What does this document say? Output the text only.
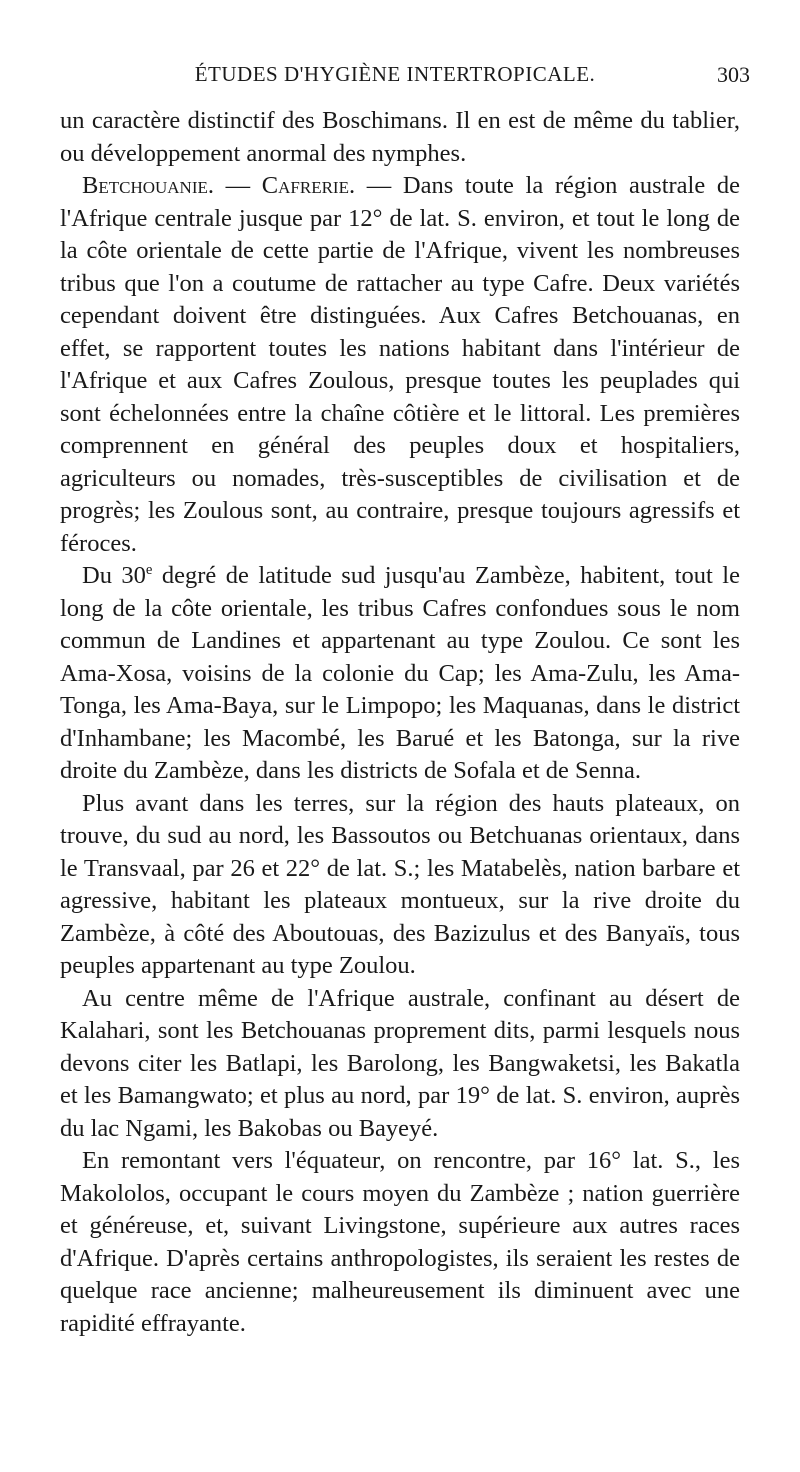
ÉTUDES D'HYGIÈNE INTERTROPICALE.	303

un caractère distinctif des Boschimans. Il en est de même du tablier, ou développement anormal des nymphes.

Betchouanie. — Cafrerie. — Dans toute la région australe de l'Afrique centrale jusque par 12° de lat. S. environ, et tout le long de la côte orientale de cette partie de l'Afrique, vivent les nombreuses tribus que l'on a coutume de rattacher au type Cafre. Deux variétés cependant doivent être distinguées. Aux Cafres Betchouanas, en effet, se rapportent toutes les nations habitant dans l'intérieur de l'Afrique et aux Cafres Zoulous, presque toutes les peuplades qui sont échelonnées entre la chaîne côtière et le littoral. Les premières comprennent en général des peuples doux et hospitaliers, agriculteurs ou nomades, très-susceptibles de civilisation et de progrès; les Zoulous sont, au contraire, presque toujours agressifs et féroces.

Du 30e degré de latitude sud jusqu'au Zambèze, habitent, tout le long de la côte orientale, les tribus Cafres confondues sous le nom commun de Landines et appartenant au type Zoulou. Ce sont les Ama-Xosa, voisins de la colonie du Cap; les Ama-Zulu, les Ama-Tonga, les Ama-Baya, sur le Limpopo; les Maquanas, dans le district d'Inhambane; les Macombé, les Barué et les Batonga, sur la rive droite du Zambèze, dans les districts de Sofala et de Senna.

Plus avant dans les terres, sur la région des hauts plateaux, on trouve, du sud au nord, les Bassoutos ou Betchuanas orientaux, dans le Transvaal, par 26 et 22° de lat. S.; les Matabelès, nation barbare et agressive, habitant les plateaux montueux, sur la rive droite du Zambèze, à côté des Aboutouas, des Bazizulus et des Banyaïs, tous peuples appartenant au type Zoulou.

Au centre même de l'Afrique australe, confinant au désert de Kalahari, sont les Betchouanas proprement dits, parmi lesquels nous devons citer les Batlapi, les Barolong, les Bangwaketsi, les Bakatla et les Bamangwato; et plus au nord, par 19° de lat. S. environ, auprès du lac Ngami, les Bakobas ou Bayeyé.

En remontant vers l'équateur, on rencontre, par 16° lat. S., les Makololos, occupant le cours moyen du Zambèze ; nation guerrière et généreuse, et, suivant Livingstone, supérieure aux autres races d'Afrique. D'après certains anthropologistes, ils seraient les restes de quelque race ancienne; malheureusement ils diminuent avec une rapidité effrayante.
